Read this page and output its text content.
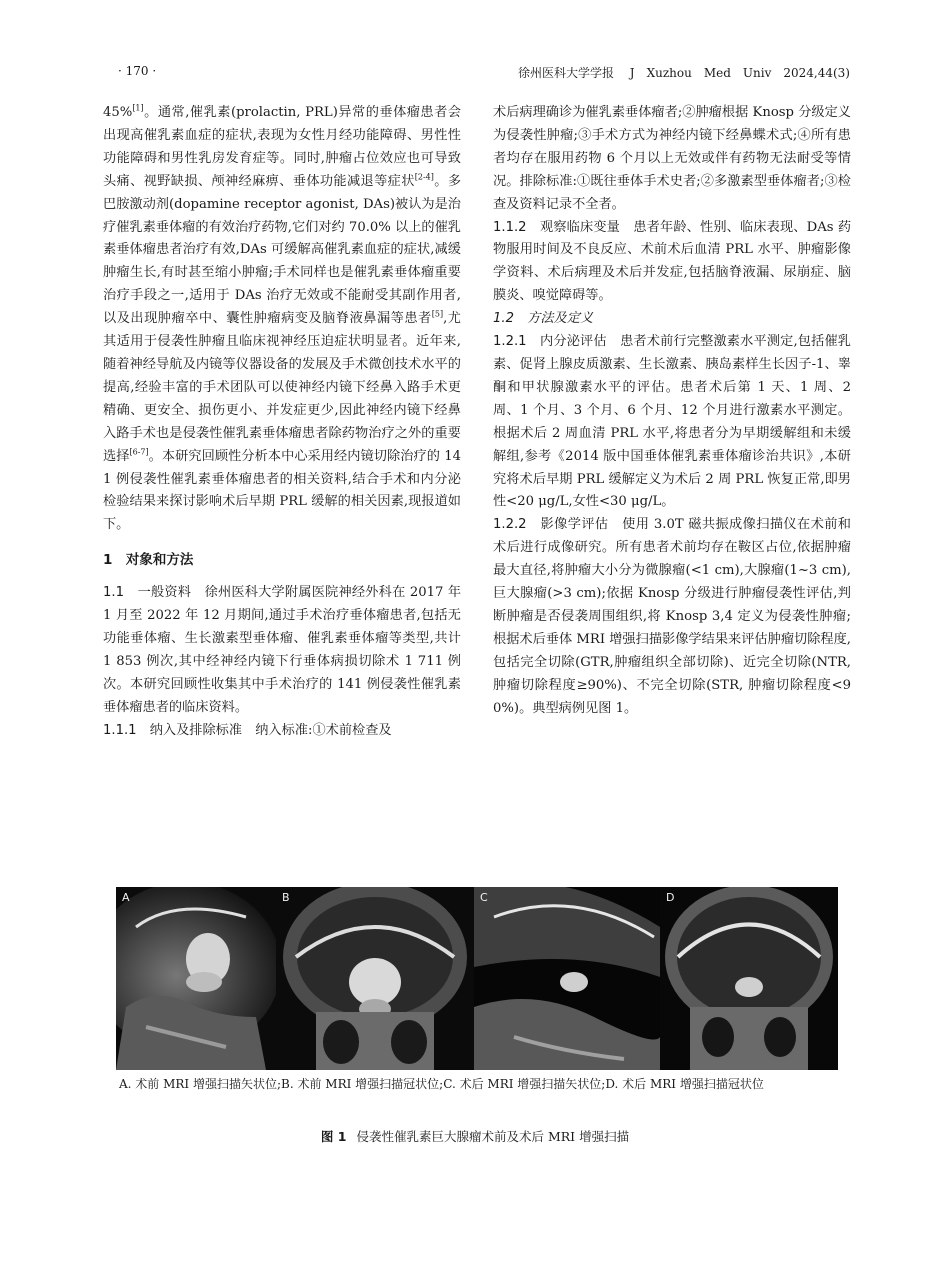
· 170 ·	徐州医科大学学报　 J　Xuzhou　Med　Univ　2024,44(3)

45%[1]。通常,催乳素(prolactin, PRL)异常的垂体瘤患者会出现高催乳素血症的症状,表现为女性月经功能障碍、男性性功能障碍和男性乳房发育症等。同时,肿瘤占位效应也可导致头痛、视野缺损、颅神经麻痹、垂体功能减退等症状[2-4]。多巴胺激动剂(dopamine receptor agonist, DAs)被认为是治疗催乳素垂体瘤的有效治疗药物,它们对约 70.0% 以上的催乳素垂体瘤患者治疗有效,DAs 可缓解高催乳素血症的症状,减缓肿瘤生长,有时甚至缩小肿瘤;手术同样也是催乳素垂体瘤重要治疗手段之一,适用于 DAs 治疗无效或不能耐受其副作用者,以及出现肿瘤卒中、囊性肿瘤病变及脑脊液鼻漏等患者[5],尤其适用于侵袭性肿瘤且临床视神经压迫症状明显者。近年来,随着神经导航及内镜等仪器设备的发展及手术微创技术水平的提高,经验丰富的手术团队可以使神经内镜下经鼻入路手术更精确、更安全、损伤更小、并发症更少,因此神经内镜下经鼻入路手术也是侵袭性催乳素垂体瘤患者除药物治疗之外的重要选择[6-7]。本研究回顾性分析本中心采用经内镜切除治疗的 141 例侵袭性催乳素垂体瘤患者的相关资料,结合手术和内分泌检验结果来探讨影响术后早期 PRL 缓解的相关因素,现报道如下。

1　对象和方法

1.1　一般资料　 徐州医科大学附属医院神经外科在 2017 年 1 月至 2022 年 12 月期间,通过手术治疗垂体瘤患者,包括无功能垂体瘤、生长激素型垂体瘤、催乳素垂体瘤等类型,共计 1 853 例次,其中经神经内镜下行垂体病损切除术 1 711 例次。本研究回顾性收集其中手术治疗的 141 例侵袭性催乳素垂体瘤患者的临床资料。

1.1.1　纳入及排除标准　 纳入标准:①术前检查及

术后病理确诊为催乳素垂体瘤者;②肿瘤根据 Knosp 分级定义为侵袭性肿瘤;③手术方式为神经内镜下经鼻蝶术式;④所有患者均存在服用药物 6 个月以上无效或伴有药物无法耐受等情况。排除标准:①既往垂体手术史者;②多激素型垂体瘤者;③检查及资料记录不全者。

1.1.2　观察临床变量　 患者年龄、性别、临床表现、DAs 药物服用时间及不良反应、术前术后血清 PRL 水平、肿瘤影像学资料、术后病理及术后并发症,包括脑脊液漏、尿崩症、脑膜炎、嗅觉障碍等。

1.2　方法及定义

1.2.1　内分泌评估　 患者术前行完整激素水平测定,包括催乳素、促肾上腺皮质激素、生长激素、胰岛素样生长因子-1、睾酮和甲状腺激素水平的评估。患者术后第 1 天、1 周、2 周、1 个月、3 个月、6 个月、12 个月进行激素水平测定。根据术后 2 周血清 PRL 水平,将患者分为早期缓解组和未缓解组,参考《2014 版中国垂体催乳素垂体瘤诊治共识》,本研究将术后早期 PRL 缓解定义为术后 2 周 PRL 恢复正常,即男性<20 μg/L,女性<30 μg/L。

1.2.2　影像学评估　 使用 3.0T 磁共振成像扫描仪在术前和术后进行成像研究。所有患者术前均存在鞍区占位,依据肿瘤最大直径,将肿瘤大小分为微腺瘤(<1 cm),大腺瘤(1~3 cm),巨大腺瘤(>3 cm);依据 Knosp 分级进行肿瘤侵袭性评估,判断肿瘤是否侵袭周围组织,将 Knosp 3,4 定义为侵袭性肿瘤;根据术后垂体 MRI 增强扫描影像学结果来评估肿瘤切除程度,包括完全切除(GTR,肿瘤组织全部切除)、近完全切除(NTR,肿瘤切除程度≥90%)、不完全切除(STR, 肿瘤切除程度<90%)。典型病例见图 1。

A	B	C	D
A. 术前 MRI 增强扫描矢状位;B. 术前 MRI 增强扫描冠状位;C. 术后 MRI 增强扫描矢状位;D. 术后 MRI 增强扫描冠状位
图 1 侵袭性催乳素巨大腺瘤术前及术后 MRI 增强扫描
